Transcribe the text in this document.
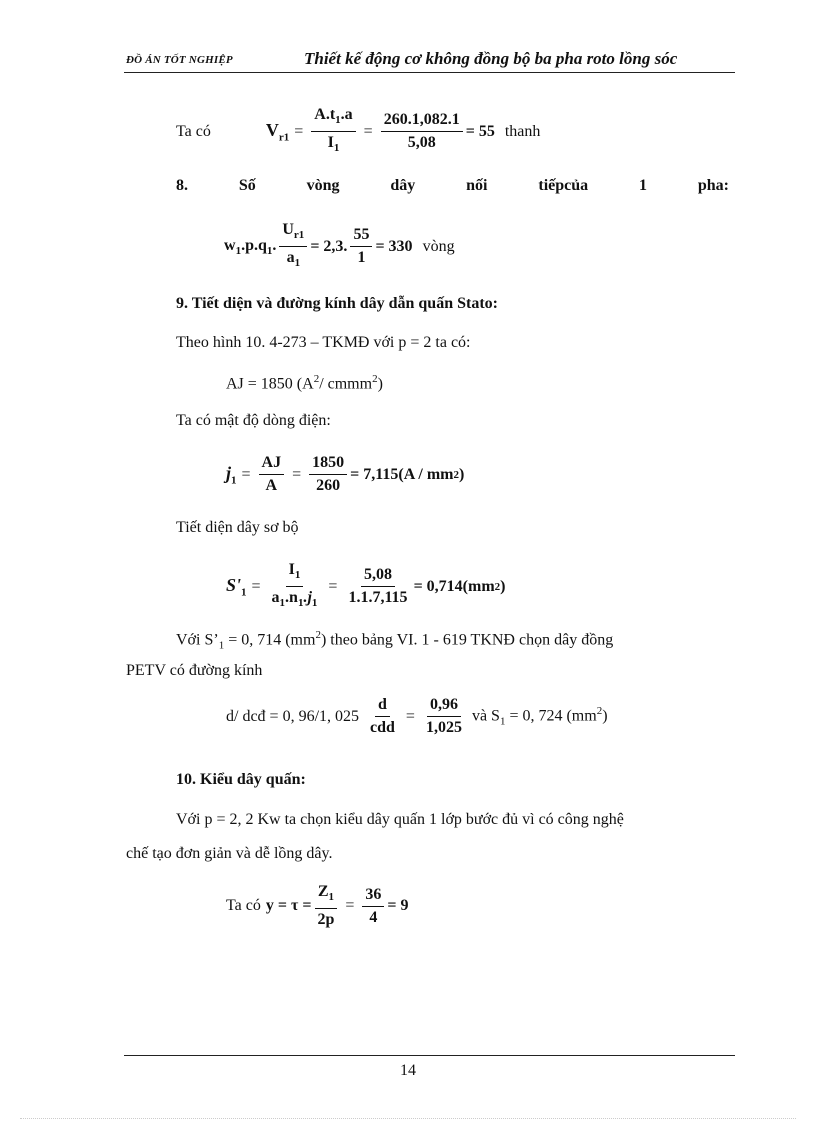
ĐỒ ÁN TỐT NGHIỆP	Thiết kế động cơ không đồng bộ ba pha roto lồng sóc
Ta có	$V_{r1} = \frac{A.t_1.a}{I_1} = \frac{260.1,082.1}{5,08} = 55$ thanh
8.	Số	vòng	dây	nối	tiếpcủa	1	pha:
$w_1.p.q_1$. $\frac{U_{r1}}{a_1} = 2,3$. $\frac{55}{1} = 330$ vòng
9. Tiết diện và đường kính dây dẫn quấn Stato:
Theo hình 10. 4-273 – TKMĐ với p = 2 ta có:
AJ = 1850 ($A^2/$ cmmm$^2$)
Ta có mật độ dòng điện:
$j_1 = \frac{AJ}{A} = \frac{1850}{260} = 7,115(A$ / mm 2 )
Tiết diện dây sơ bộ
$S'_1 = \frac{I_1}{a_1.n_1.j_1} = \frac{5,08}{1.1.7,115} = 0,714(mm$ 2 )
Với $S’_1 = 0$, 714 $(mm^2)$ theo bảng VI. 1 - 619 TKNĐ chọn dây đồng
PETV có đường kính
d/ dcđ = 0, 96/1, $025 \frac{d}{\text{cdd}} = \frac{0,96}{1,025}$ và $S_1 = 0$, 724 $(mm^2)$
10. Kiểu dây quấn:
Với p = 2, 2 Kw ta chọn kiểu dây quấn 1 lớp bước đủ vì có công nghệ
chế tạo đơn giản và dễ lồng dây.
Ta có $y = \tau = \frac{Z_1}{2p} = \frac{36}{4} = 9$
14
